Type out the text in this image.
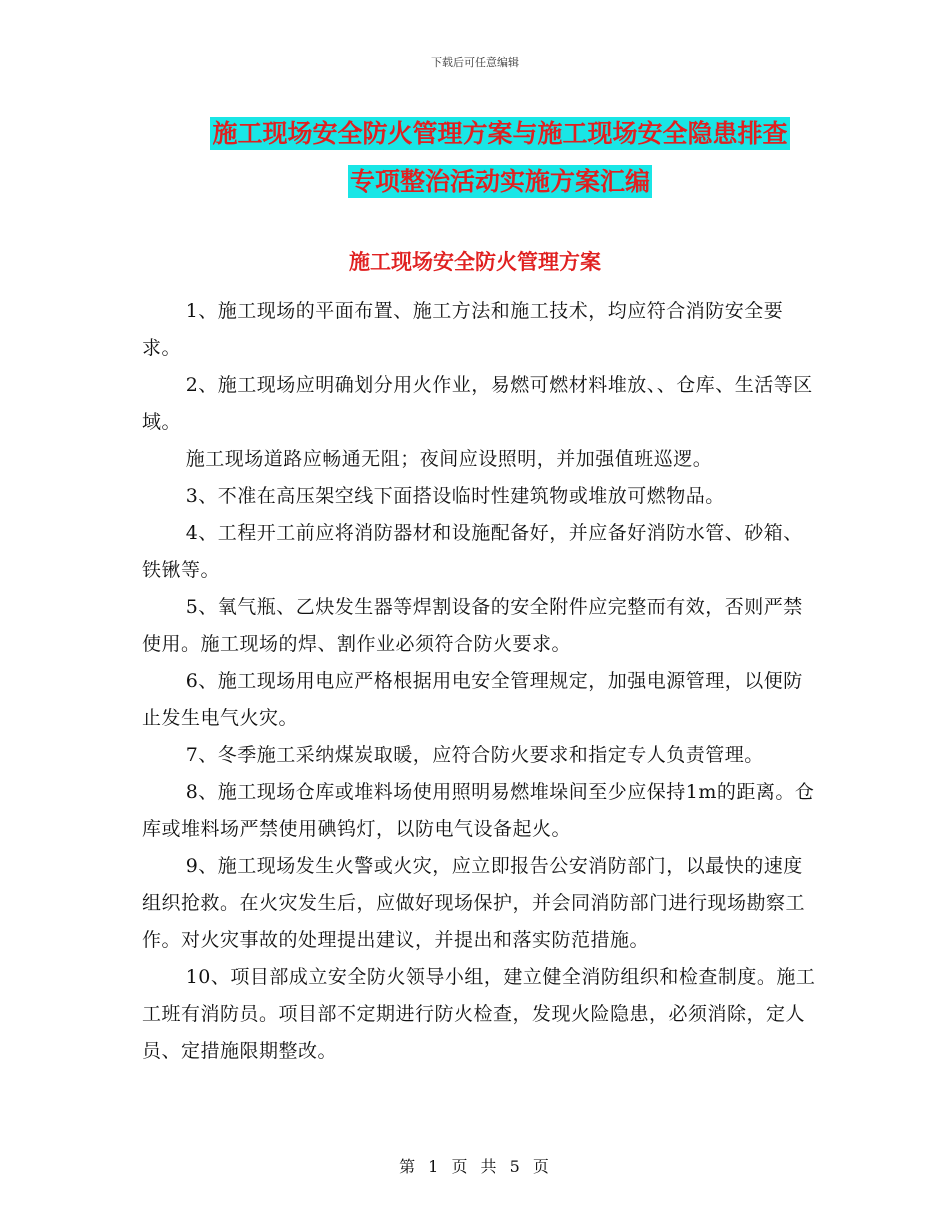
下载后可任意编辑
施工现场安全防火管理方案与施工现场安全隐患排查
专项整治活动实施方案汇编
施工现场安全防火管理方案

1、施工现场的平面布置、施工方法和施工技术，均应符合消防安全要求。

2、施工现场应明确划分用火作业，易燃可燃材料堆放、、仓库、生活等区域。

施工现场道路应畅通无阻；夜间应设照明，并加强值班巡逻。

3、不准在高压架空线下面搭设临时性建筑物或堆放可燃物品。

4、工程开工前应将消防器材和设施配备好，并应备好消防水管、砂箱、铁锹等。

5、氧气瓶、乙炔发生器等焊割设备的安全附件应完整而有效，否则严禁使用。施工现场的焊、割作业必须符合防火要求。

6、施工现场用电应严格根据用电安全管理规定，加强电源管理，以便防止发生电气火灾。

7、冬季施工采纳煤炭取暖，应符合防火要求和指定专人负责管理。

8、施工现场仓库或堆料场使用照明易燃堆垛间至少应保持1m的距离。仓库或堆料场严禁使用碘钨灯，以防电气设备起火。

9、施工现场发生火警或火灾，应立即报告公安消防部门，以最快的速度组织抢救。在火灾发生后，应做好现场保护，并会同消防部门进行现场勘察工作。对火灾事故的处理提出建议，并提出和落实防范措施。

10、项目部成立安全防火领导小组，建立健全消防组织和检查制度。施工工班有消防员。项目部不定期进行防火检查，发现火险隐患，必须消除，定人员、定措施限期整改。

第 1 页 共 5 页
